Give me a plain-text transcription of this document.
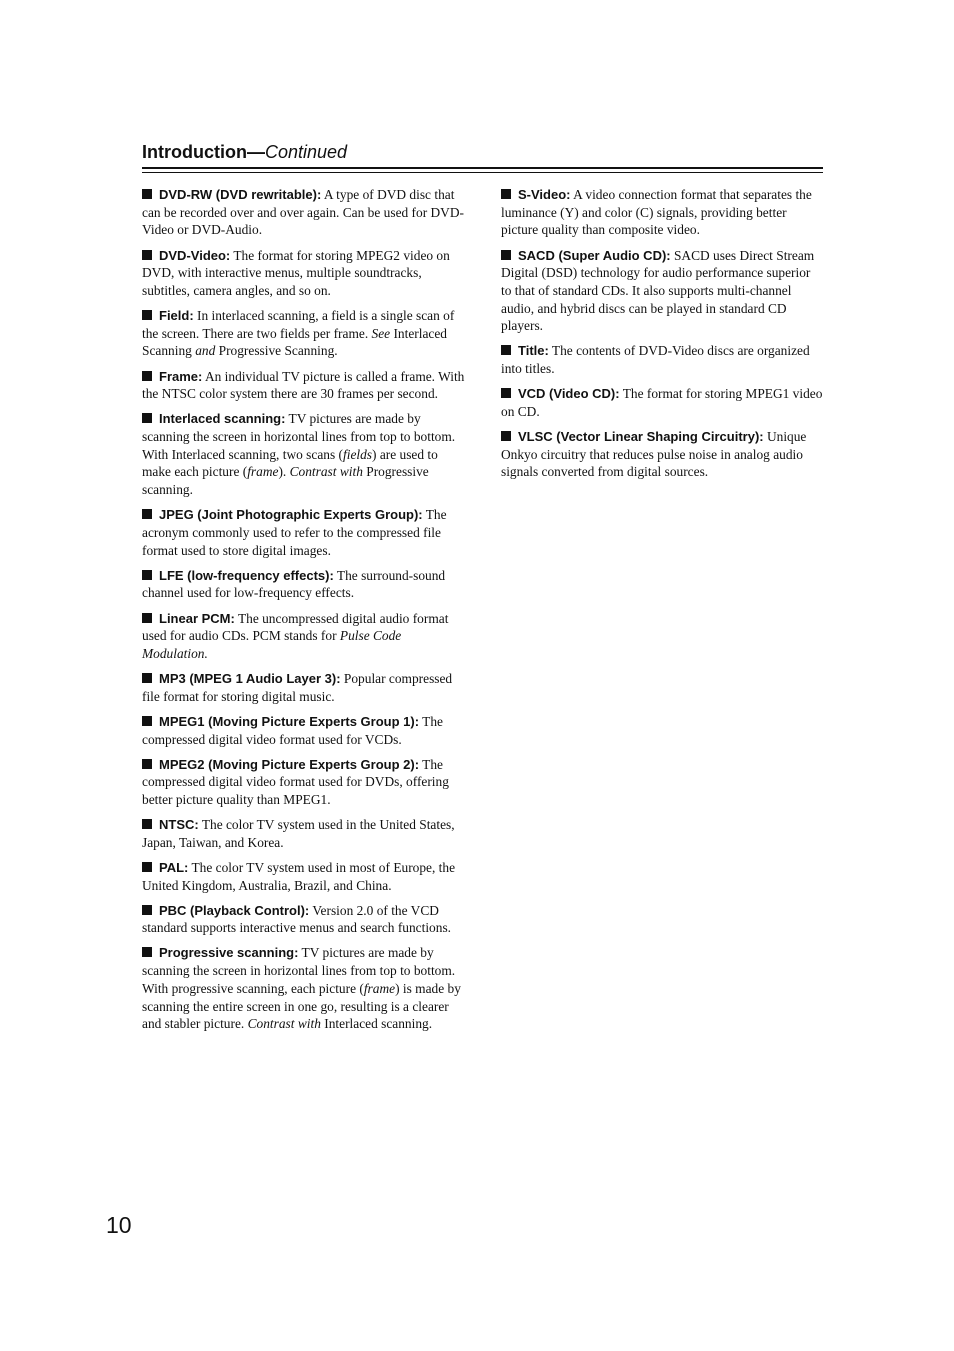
Introduction—Continued

DVD-RW (DVD rewritable): A type of DVD disc that can be recorded over and over again. Can be used for DVD-Video or DVD-Audio.

DVD-Video: The format for storing MPEG2 video on DVD, with interactive menus, multiple soundtracks, subtitles, camera angles, and so on.

Field: In interlaced scanning, a field is a single scan of the screen. There are two fields per frame. See Interlaced Scanning and Progressive Scanning.

Frame: An individual TV picture is called a frame. With the NTSC color system there are 30 frames per second.

Interlaced scanning: TV pictures are made by scanning the screen in horizontal lines from top to bottom. With Interlaced scanning, two scans (fields) are used to make each picture (frame). Contrast with Progressive scanning.

JPEG (Joint Photographic Experts Group): The acronym commonly used to refer to the compressed file format used to store digital images.

LFE (low-frequency effects): The surround-sound channel used for low-frequency effects.

Linear PCM: The uncompressed digital audio format used for audio CDs. PCM stands for Pulse Code Modulation.

MP3 (MPEG 1 Audio Layer 3): Popular compressed file format for storing digital music.

MPEG1 (Moving Picture Experts Group 1): The compressed digital video format used for VCDs.

MPEG2 (Moving Picture Experts Group 2): The compressed digital video format used for DVDs, offering better picture quality than MPEG1.

NTSC: The color TV system used in the United States, Japan, Taiwan, and Korea.

PAL: The color TV system used in most of Europe, the United Kingdom, Australia, Brazil, and China.

PBC (Playback Control): Version 2.0 of the VCD standard supports interactive menus and search functions.

Progressive scanning: TV pictures are made by scanning the screen in horizontal lines from top to bottom. With progressive scanning, each picture (frame) is made by scanning the entire screen in one go, resulting is a clearer and stabler picture. Contrast with Interlaced scanning.

S-Video: A video connection format that separates the luminance (Y) and color (C) signals, providing better picture quality than composite video.

SACD (Super Audio CD): SACD uses Direct Stream Digital (DSD) technology for audio performance superior to that of standard CDs. It also supports multi-channel audio, and hybrid discs can be played in standard CD players.

Title: The contents of DVD-Video discs are organized into titles.

VCD (Video CD): The format for storing MPEG1 video on CD.

VLSC (Vector Linear Shaping Circuitry): Unique Onkyo circuitry that reduces pulse noise in analog audio signals converted from digital sources.

10
